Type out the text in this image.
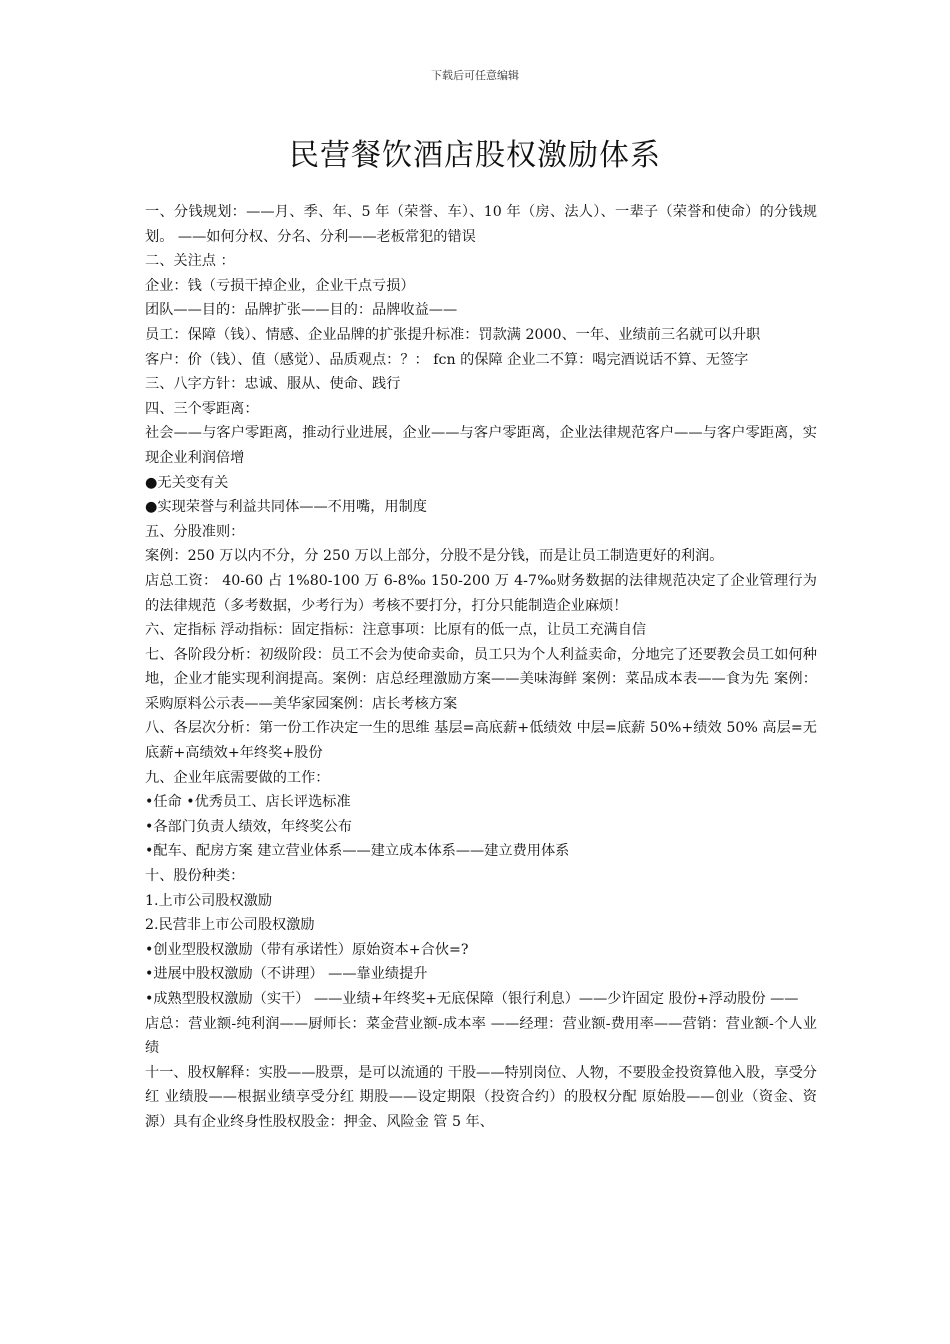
下载后可任意编辑
民营餐饮酒店股权激励体系

一、分钱规划：——月、季、年、5 年（荣誉、车）、10 年（房、法人）、一辈子（荣誉和使命）的分钱规划。 ——如何分权、分名、分利——老板常犯的错误

二、关注点 ：

企业：钱（亏损干掉企业，企业干点亏损）

团队——目的：品牌扩张——目的：品牌收益——

员工：保障（钱）、情感、企业品牌的扩张提升标准：罚款满 2000、一年、业绩前三名就可以升职

客户：价（钱）、值（感觉）、品质观点：？： fcn 的保障 企业二不算：喝完酒说话不算、无签字

三、八字方针：忠诚、服从、使命、践行

四、三个零距离：

社会——与客户零距离，推动行业进展，企业——与客户零距离，企业法律规范客户——与客户零距离，实现企业利润倍增

●无关变有关

●实现荣誉与利益共同体——不用嘴，用制度

五、分股准则：

案例：250 万以内不分，分 250 万以上部分，分股不是分钱，而是让员工制造更好的利润。

店总工资： 40-60 占 1%80-100 万 6-8‰ 150-200 万 4-7‰财务数据的法律规范决定了企业管理行为的法律规范（多考数据，少考行为）考核不要打分，打分只能制造企业麻烦！

六、定指标 浮动指标：固定指标：注意事项：比原有的低一点，让员工充满自信

七、各阶段分析：初级阶段：员工不会为使命卖命，员工只为个人利益卖命，分地完了还要教会员工如何种地，企业才能实现利润提高。案例：店总经理激励方案——美味海鲜 案例：菜品成本表——食为先 案例：采购原料公示表——美华家园案例：店长考核方案

八、各层次分析：第一份工作决定一生的思维 基层=高底薪+低绩效 中层=底薪 50%+绩效 50% 高层=无底薪+高绩效+年终奖+股份

九、企业年底需要做的工作：

•任命 •优秀员工、店长评选标准

•各部门负责人绩效，年终奖公布

•配车、配房方案 建立营业体系——建立成本体系——建立费用体系

十、股份种类：

1.上市公司股权激励

2.民营非上市公司股权激励

•创业型股权激励（带有承诺性）原始资本+合伙=?

•进展中股权激励（不讲理） ——靠业绩提升

•成熟型股权激励（实干） ——业绩+年终奖+无底保障（银行利息）——少许固定 股份+浮动股份 ——

店总：营业额-纯利润——厨师长：菜金营业额-成本率 ——经理：营业额-费用率——营销：营业额-个人业绩

十一、股权解释：实股——股票，是可以流通的 干股——特别岗位、人物，不要股金投资算他入股，享受分红 业绩股——根据业绩享受分红 期股——设定期限（投资合约）的股权分配 原始股——创业（资金、资源）具有企业终身性股权股金：押金、风险金 管 5 年、
